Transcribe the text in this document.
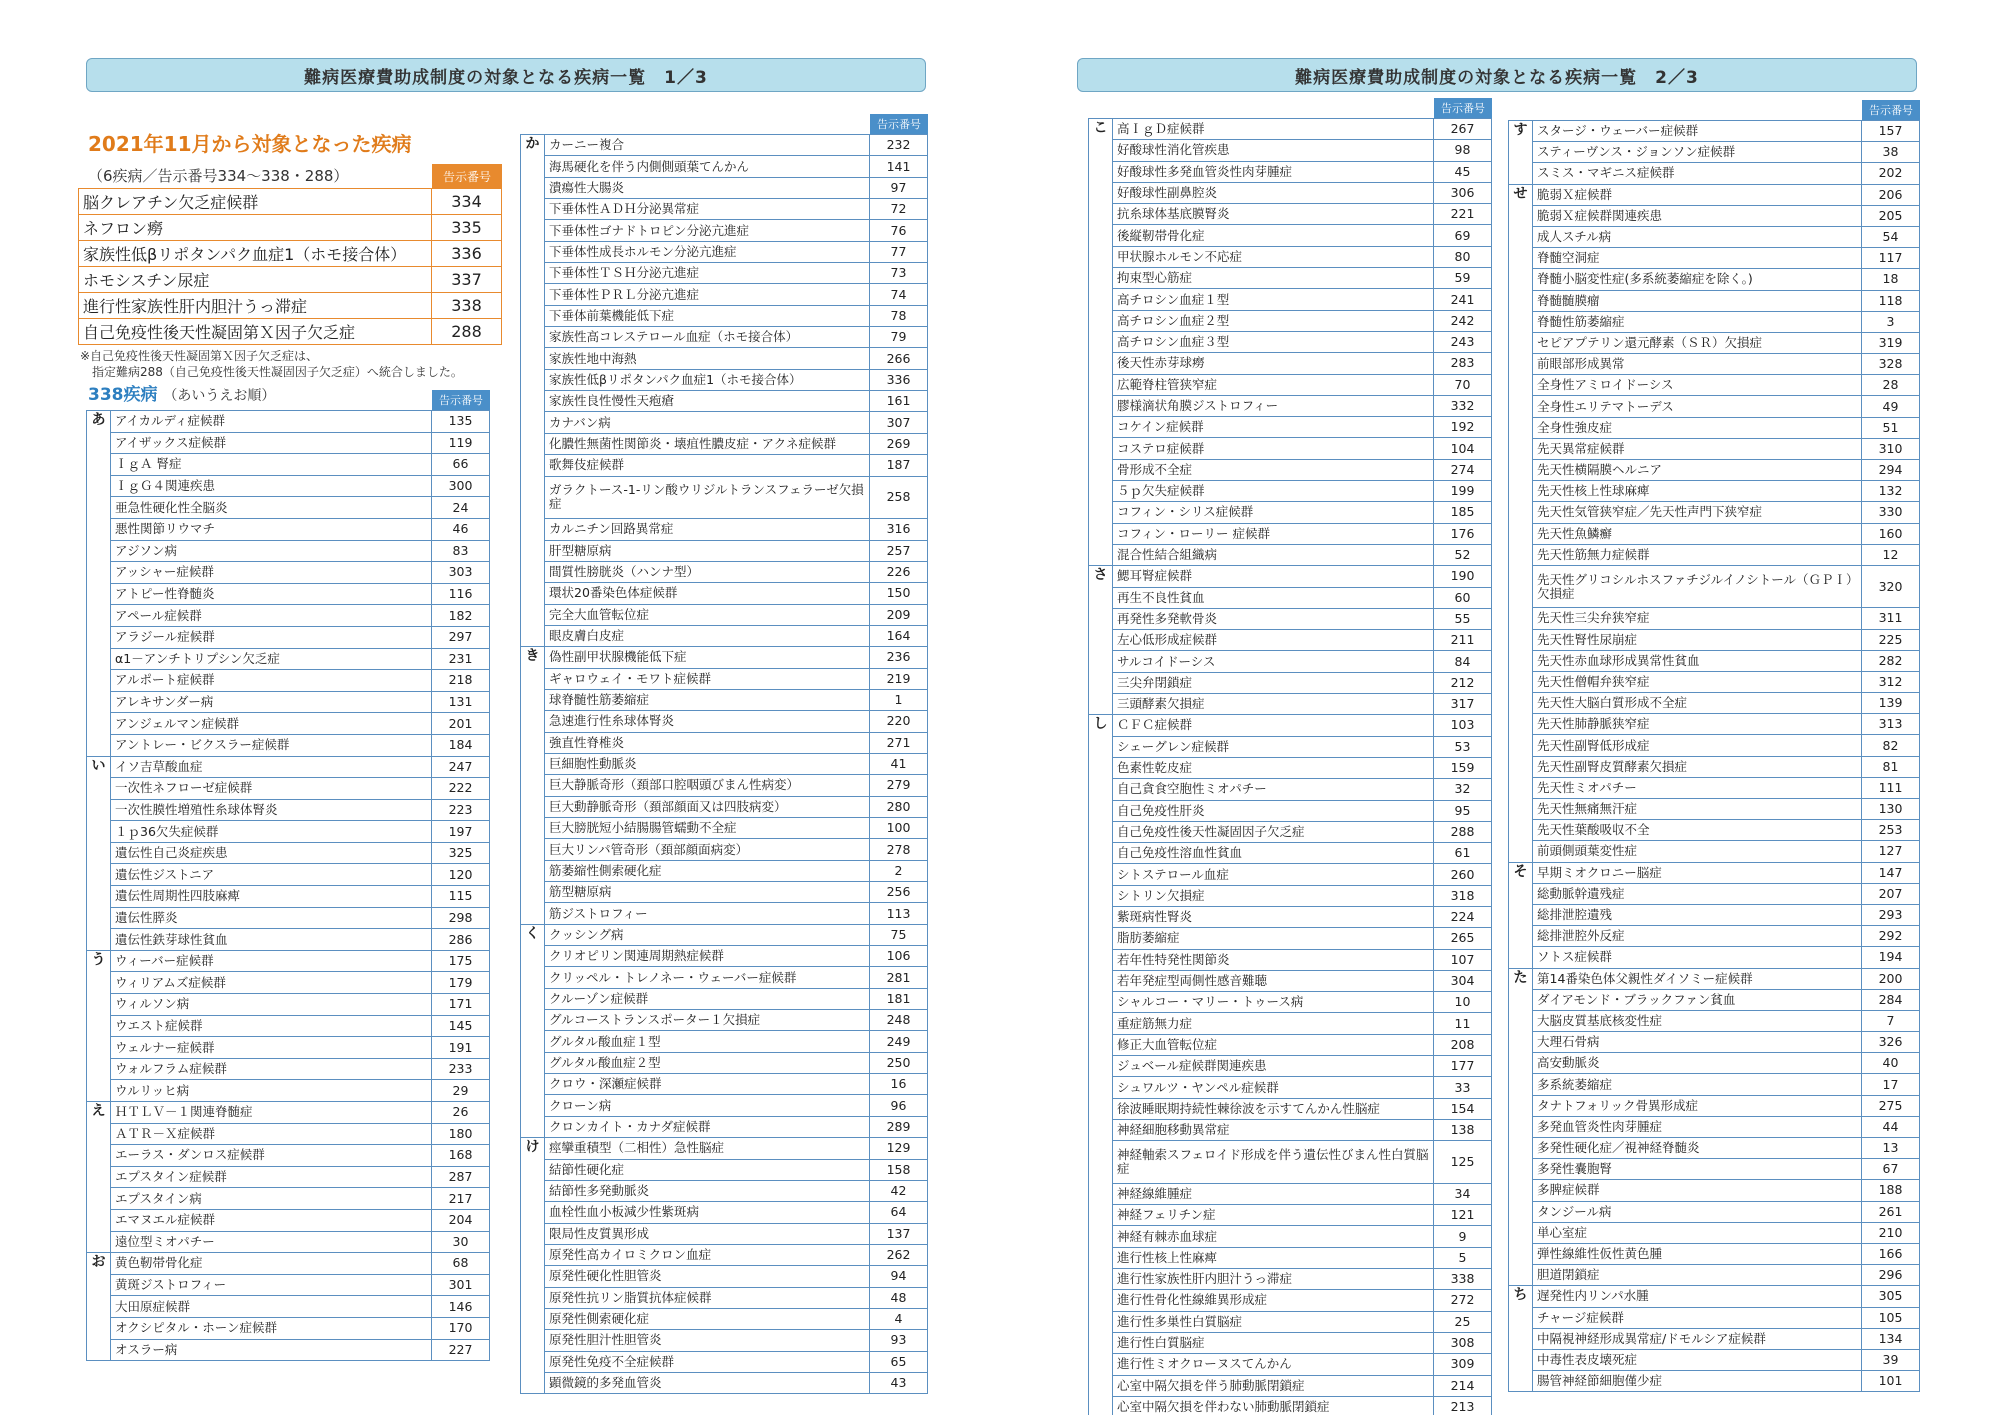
難病医療費助成制度の対象となる疾病一覧　1／3	難病医療費助成制度の対象となる疾病一覧　2／3
2021年11月から対象となった疾病
（6疾病／告示番号334～338・288）	告示番号
脳クレアチン欠乏症候群	334
ネフロン癆	335
家族性低βリポタンパク血症1（ホモ接合体）	336
ホモシスチン尿症	337
進行性家族性肝内胆汁うっ滞症	338
自己免疫性後天性凝固第Ｘ因子欠乏症	288
※自己免疫性後天性凝固第Ｘ因子欠乏症は、
　指定難病288（自己免疫性後天性凝固因子欠乏症）へ統合しました。
338疾病 （あいうえお順）	告示番号
あ	アイカルディ症候群	135
	アイザックス症候群	119
	ＩｇＡ 腎症	66
	ＩｇＧ４関連疾患	300
	亜急性硬化性全脳炎	24
	悪性関節リウマチ	46
	アジソン病	83
	アッシャー症候群	303
	アトピー性脊髄炎	116
	アペール症候群	182
	アラジール症候群	297
	α1－アンチトリプシン欠乏症	231
	アルポート症候群	218
	アレキサンダー病	131
	アンジェルマン症候群	201
	アントレー・ビクスラー症候群	184
い	イソ吉草酸血症	247
	一次性ネフローゼ症候群	222
	一次性膜性増殖性糸球体腎炎	223
	１ｐ36欠失症候群	197
	遺伝性自己炎症疾患	325
	遺伝性ジストニア	120
	遺伝性周期性四肢麻痺	115
	遺伝性膵炎	298
	遺伝性鉄芽球性貧血	286
う	ウィーバー症候群	175
	ウィリアムズ症候群	179
	ウィルソン病	171
	ウエスト症候群	145
	ウェルナー症候群	191
	ウォルフラム症候群	233
	ウルリッヒ病	29
え	ＨＴＬＶ－１関連脊髄症	26
	ＡＴＲ－Ｘ症候群	180
	エーラス・ダンロス症候群	168
	エプスタイン症候群	287
	エプスタイン病	217
	エマヌエル症候群	204
	遠位型ミオパチー	30
お	黄色靭帯骨化症	68
	黄斑ジストロフィー	301
	大田原症候群	146
	オクシピタル・ホーン症候群	170
	オスラー病	227
告示番号
か	カーニー複合	232
	海馬硬化を伴う内側側頭葉てんかん	141
	潰瘍性大腸炎	97
	下垂体性ＡＤＨ分泌異常症	72
	下垂体性ゴナドトロピン分泌亢進症	76
	下垂体性成長ホルモン分泌亢進症	77
	下垂体性ＴＳＨ分泌亢進症	73
	下垂体性ＰＲＬ分泌亢進症	74
	下垂体前葉機能低下症	78
	家族性高コレステロール血症（ホモ接合体）	79
	家族性地中海熱	266
	家族性低βリポタンパク血症1（ホモ接合体）	336
	家族性良性慢性天疱瘡	161
	カナバン病	307
	化膿性無菌性関節炎・壊疽性膿皮症・アクネ症候群	269
	歌舞伎症候群	187
	ガラクトース-1-リン酸ウリジルトランスフェラーゼ欠損症	258
	カルニチン回路異常症	316
	肝型糖原病	257
	間質性膀胱炎（ハンナ型）	226
	環状20番染色体症候群	150
	完全大血管転位症	209
	眼皮膚白皮症	164
き	偽性副甲状腺機能低下症	236
	ギャロウェイ・モワト症候群	219
	球脊髄性筋萎縮症	1
	急速進行性糸球体腎炎	220
	強直性脊椎炎	271
	巨細胞性動脈炎	41
	巨大静脈奇形（頚部口腔咽頭びまん性病変）	279
	巨大動静脈奇形（頚部顔面又は四肢病変）	280
	巨大膀胱短小結腸腸管蠕動不全症	100
	巨大リンパ管奇形（頚部顔面病変）	278
	筋萎縮性側索硬化症	2
	筋型糖原病	256
	筋ジストロフィー	113
く	クッシング病	75
	クリオピリン関連周期熱症候群	106
	クリッペル・トレノネー・ウェーバー症候群	281
	クルーゾン症候群	181
	グルコーストランスポーター１欠損症	248
	グルタル酸血症１型	249
	グルタル酸血症２型	250
	クロウ・深瀬症候群	16
	クローン病	96
	クロンカイト・カナダ症候群	289
け	痙攣重積型（二相性）急性脳症	129
	結節性硬化症	158
	結節性多発動脈炎	42
	血栓性血小板減少性紫斑病	64
	限局性皮質異形成	137
	原発性高カイロミクロン血症	262
	原発性硬化性胆管炎	94
	原発性抗リン脂質抗体症候群	48
	原発性側索硬化症	4
	原発性胆汁性胆管炎	93
	原発性免疫不全症候群	65
	顕微鏡的多発血管炎	43
告示番号
こ	高ＩｇＤ症候群	267
	好酸球性消化管疾患	98
	好酸球性多発血管炎性肉芽腫症	45
	好酸球性副鼻腔炎	306
	抗糸球体基底膜腎炎	221
	後縦靭帯骨化症	69
	甲状腺ホルモン不応症	80
	拘束型心筋症	59
	高チロシン血症１型	241
	高チロシン血症２型	242
	高チロシン血症３型	243
	後天性赤芽球癆	283
	広範脊柱管狭窄症	70
	膠様滴状角膜ジストロフィー	332
	コケイン症候群	192
	コステロ症候群	104
	骨形成不全症	274
	５ｐ欠失症候群	199
	コフィン・シリス症候群	185
	コフィン・ローリー 症候群	176
	混合性結合組織病	52
さ	鰓耳腎症候群	190
	再生不良性貧血	60
	再発性多発軟骨炎	55
	左心低形成症候群	211
	サルコイドーシス	84
	三尖弁閉鎖症	212
	三頭酵素欠損症	317
し	ＣＦＣ症候群	103
	シェーグレン症候群	53
	色素性乾皮症	159
	自己貪食空胞性ミオパチー	32
	自己免疫性肝炎	95
	自己免疫性後天性凝固因子欠乏症	288
	自己免疫性溶血性貧血	61
	シトステロール血症	260
	シトリン欠損症	318
	紫斑病性腎炎	224
	脂肪萎縮症	265
	若年性特発性関節炎	107
	若年発症型両側性感音難聴	304
	シャルコー・マリー・トゥース病	10
	重症筋無力症	11
	修正大血管転位症	208
	ジュベール症候群関連疾患	177
	シュワルツ・ヤンペル症候群	33
	徐波睡眠期持続性棘徐波を示すてんかん性脳症	154
	神経細胞移動異常症	138
	神経軸索スフェロイド形成を伴う遺伝性びまん性白質脳症	125
	神経線維腫症	34
	神経フェリチン症	121
	神経有棘赤血球症	9
	進行性核上性麻痺	5
	進行性家族性肝内胆汁うっ滞症	338
	進行性骨化性線維異形成症	272
	進行性多巣性白質脳症	25
	進行性白質脳症	308
	進行性ミオクローヌスてんかん	309
	心室中隔欠損を伴う肺動脈閉鎖症	214
	心室中隔欠損を伴わない肺動脈閉鎖症	213
告示番号
す	スタージ・ウェーバー症候群	157
	スティーヴンス・ジョンソン症候群	38
	スミス・マギニス症候群	202
せ	脆弱Ｘ症候群	206
	脆弱Ｘ症候群関連疾患	205
	成人スチル病	54
	脊髄空洞症	117
	脊髄小脳変性症(多系統萎縮症を除く。)	18
	脊髄髄膜瘤	118
	脊髄性筋萎縮症	3
	セピアプテリン還元酵素（ＳＲ）欠損症	319
	前眼部形成異常	328
	全身性アミロイドーシス	28
	全身性エリテマトーデス	49
	全身性強皮症	51
	先天異常症候群	310
	先天性横隔膜ヘルニア	294
	先天性核上性球麻痺	132
	先天性気管狭窄症／先天性声門下狭窄症	330
	先天性魚鱗癬	160
	先天性筋無力症候群	12
	先天性グリコシルホスファチジルイノシトール（ＧＰＩ）欠損症	320
	先天性三尖弁狭窄症	311
	先天性腎性尿崩症	225
	先天性赤血球形成異常性貧血	282
	先天性僧帽弁狭窄症	312
	先天性大脳白質形成不全症	139
	先天性肺静脈狭窄症	313
	先天性副腎低形成症	82
	先天性副腎皮質酵素欠損症	81
	先天性ミオパチー	111
	先天性無痛無汗症	130
	先天性葉酸吸収不全	253
	前頭側頭葉変性症	127
そ	早期ミオクロニー脳症	147
	総動脈幹遺残症	207
	総排泄腔遺残	293
	総排泄腔外反症	292
	ソトス症候群	194
た	第14番染色体父親性ダイソミー症候群	200
	ダイアモンド・ブラックファン貧血	284
	大脳皮質基底核変性症	7
	大理石骨病	326
	高安動脈炎	40
	多系統萎縮症	17
	タナトフォリック骨異形成症	275
	多発血管炎性肉芽腫症	44
	多発性硬化症／視神経脊髄炎	13
	多発性嚢胞腎	67
	多脾症候群	188
	タンジール病	261
	単心室症	210
	弾性線維性仮性黄色腫	166
	胆道閉鎖症	296
ち	遅発性内リンパ水腫	305
	チャージ症候群	105
	中隔視神経形成異常症/ドモルシア症候群	134
	中毒性表皮壊死症	39
	腸管神経節細胞僅少症	101
